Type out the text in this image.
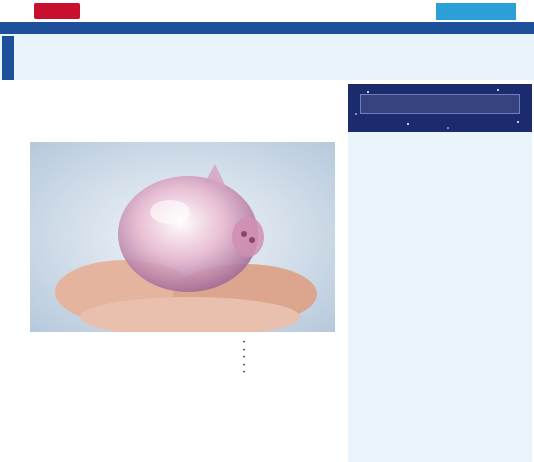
•
•
•
•
•
